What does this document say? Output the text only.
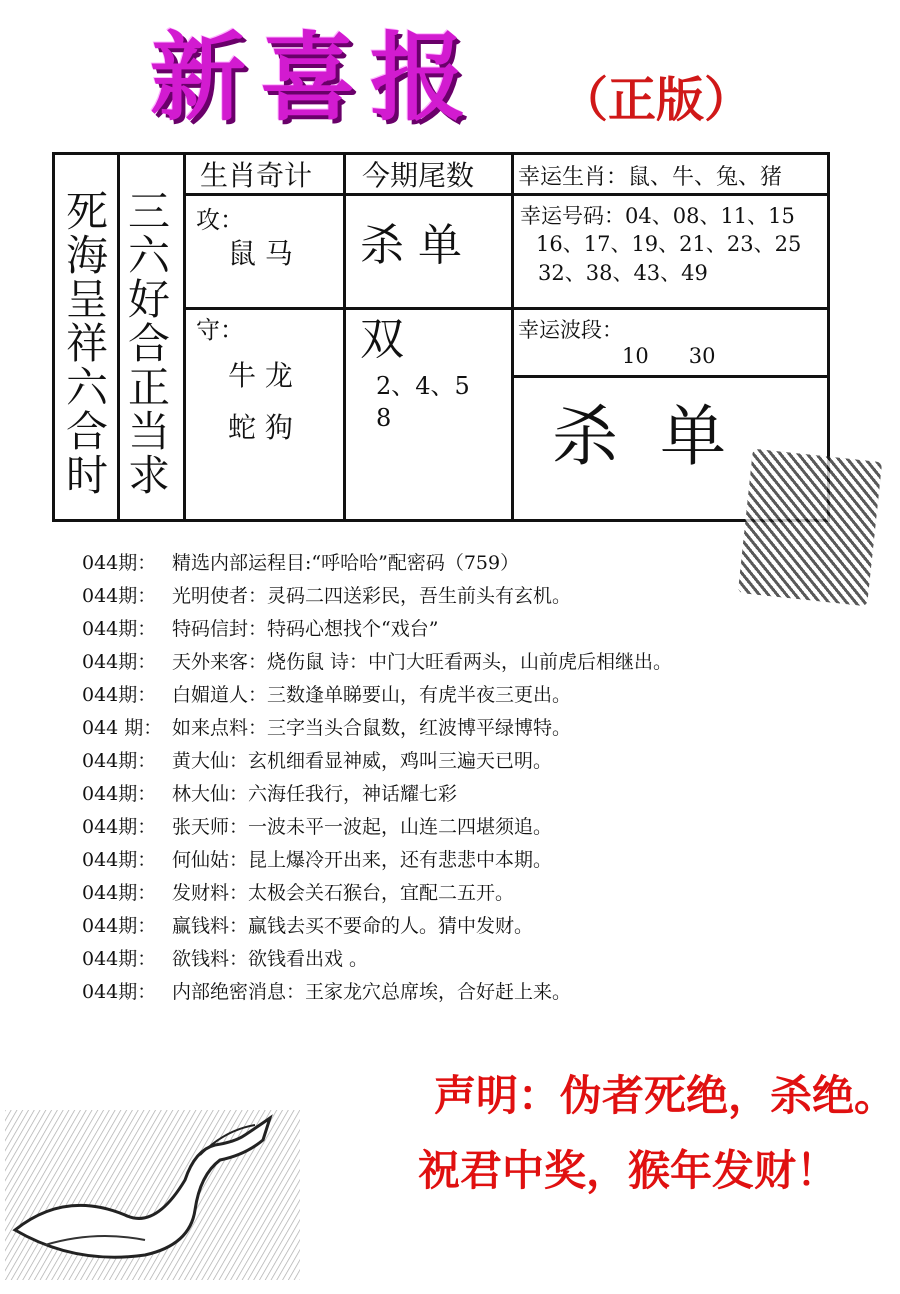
新喜报 （正版）
死海呈祥六合时
三六好合正当求
生肖奇计 今期尾数 幸运生肖：鼠、牛、兔、猪
攻：
鼠 马
守：
牛 龙
蛇 狗
杀 单
双
2、4、5
8
幸运号码：04、08、11、15
16、17、19、21、23、25
32、38、43、49
幸运波段：
10      30
杀  单
044期： 精选内部运程目:“呼哈哈”配密码（759）
044期： 光明使者：灵码二四送彩民，吾生前头有玄机。
044期： 特码信封：特码心想找个“戏台”
044期： 天外来客：烧伤鼠 诗：中门大旺看两头，山前虎后相继出。
044期： 白媚道人：三数逢单睇要山，有虎半夜三更出。
044 期： 如来点料：三字当头合鼠数，红波博平绿博特。
044期： 黄大仙：玄机细看显神威，鸡叫三遍天已明。
044期： 林大仙：六海任我行，神话耀七彩
044期： 张天师：一波未平一波起，山连二四堪须追。
044期： 何仙姑：昆上爆冷开出来，还有悲悲中本期。
044期： 发财料：太极会关石猴台，宜配二五开。
044期： 赢钱料：赢钱去买不要命的人。猜中发财。
044期： 欲钱料：欲钱看出戏 。
044期： 内部绝密消息：王家龙穴总席埃，合好赶上来。
声明：伪者死绝，杀绝。
祝君中奖，猴年发财！
